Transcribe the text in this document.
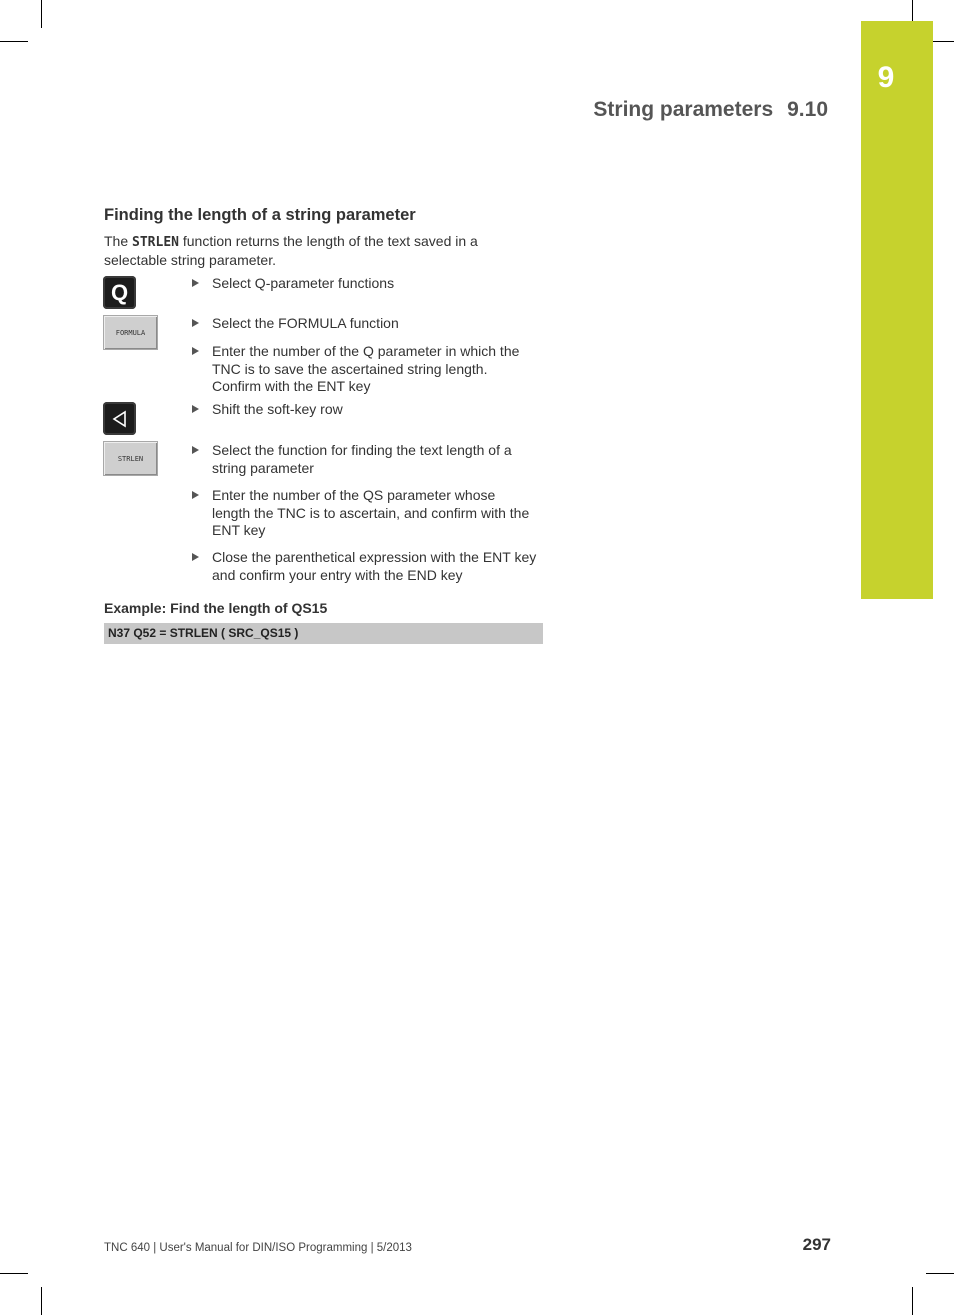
9
String parameters 9.10
Finding the length of a string parameter
The STRLEN function returns the length of the text saved in a selectable string parameter.
Q
FORMULA
STRLEN
Select Q-parameter functions
Select the FORMULA function
Enter the number of the Q parameter in which the TNC is to save the ascertained string length. Confirm with the ENT key
Shift the soft-key row
Select the function for finding the text length of a string parameter
Enter the number of the QS parameter whose length the TNC is to ascertain, and confirm with the ENT key
Close the parenthetical expression with the ENT key and confirm your entry with the END key
Example: Find the length of QS15
N37 Q52 = STRLEN ( SRC_QS15 )
TNC 640 | User's Manual for DIN/ISO Programming | 5/2013	297
